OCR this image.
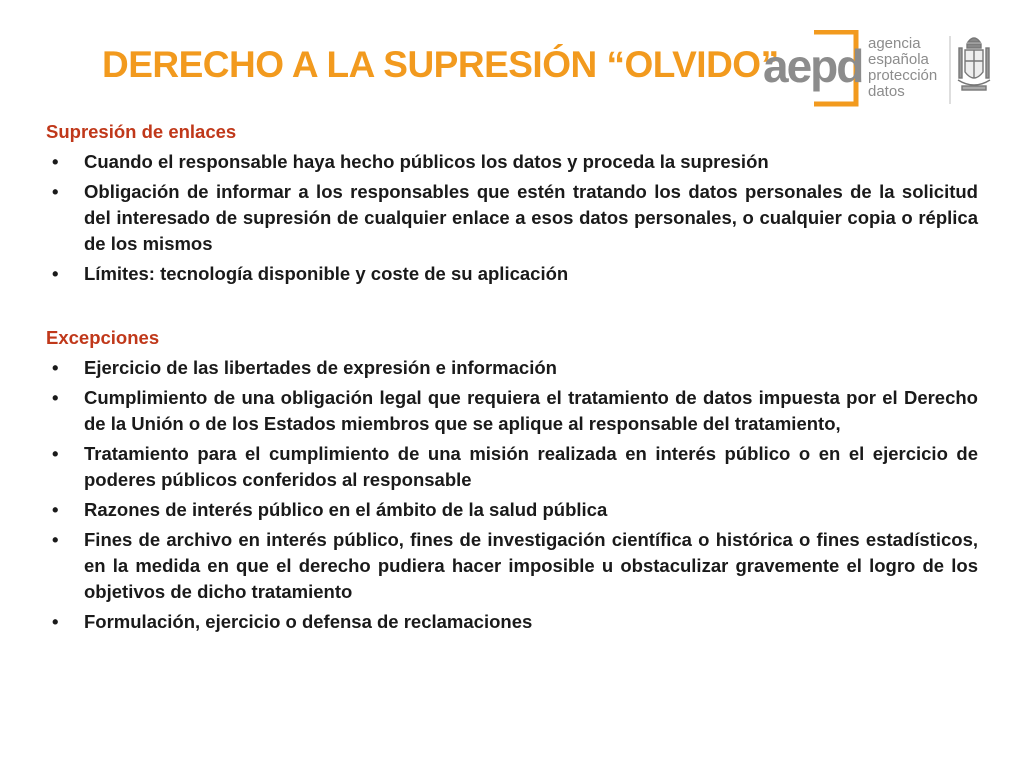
DERECHO A LA SUPRESIÓN “OLVIDO”
aepd agencia
española
protección
datos
Supresión de enlaces
• Cuando el responsable haya hecho públicos los datos y proceda la supresión
• Obligación de informar a los responsables que estén tratando los datos personales de la solicitud del interesado de supresión de cualquier enlace a esos datos personales, o cualquier copia o réplica de los mismos
• Límites: tecnología disponible y coste de su aplicación
Excepciones
• Ejercicio de las libertades de expresión e información
• Cumplimiento de una obligación legal que requiera el tratamiento de datos impuesta por el Derecho de la Unión o de los Estados miembros que se aplique al responsable del tratamiento,
• Tratamiento para el cumplimiento de una misión realizada en interés público o en el ejercicio de poderes públicos conferidos al responsable
• Razones de interés público en el ámbito de la salud pública
• Fines de archivo en interés público, fines de investigación científica o histórica o fines estadísticos, en la medida en que el derecho pudiera hacer imposible u obstaculizar gravemente el logro de los objetivos de dicho tratamiento
• Formulación, ejercicio o defensa de reclamaciones
